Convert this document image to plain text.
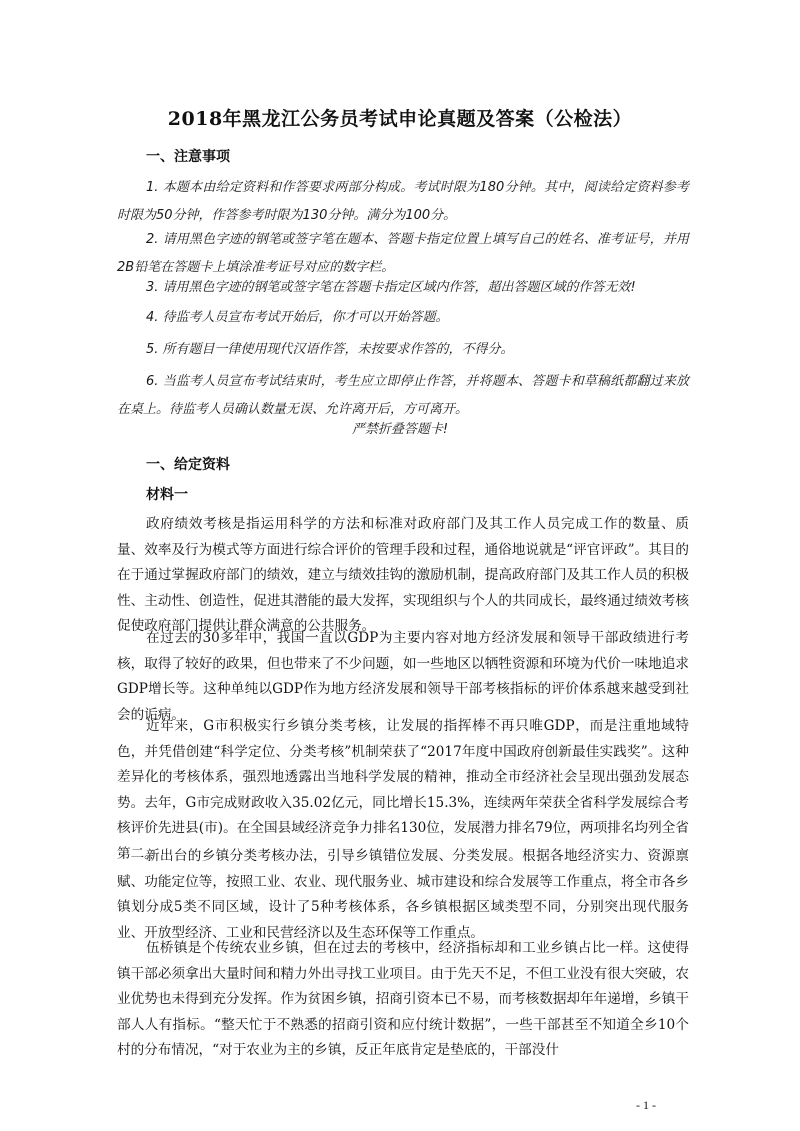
2018年黑龙江公务员考试申论真题及答案（公检法）
一、注意事项

1. 本题本由给定资料和作答要求两部分构成。考试时限为180分钟。其中，阅读给定资料参考时限为50分钟，作答参考时限为130分钟。满分为100分。

2. 请用黑色字迹的钢笔或签字笔在题本、答题卡指定位置上填写自己的姓名、准考证号，并用2B铅笔在答题卡上填涂准考证号对应的数字栏。

3. 请用黑色字迹的钢笔或签字笔在答题卡指定区域内作答，超出答题区域的作答无效!

4. 待监考人员宣布考试开始后，你才可以开始答题。

5. 所有题目一律使用现代汉语作答，未按要求作答的，不得分。

6. 当监考人员宣布考试结束时，考生应立即停止作答，并将题本、答题卡和草稿纸都翻过来放在桌上。待监考人员确认数量无误、允许离开后，方可离开。

严禁折叠答题卡!
一、给定资料
材料一

政府绩效考核是指运用科学的方法和标准对政府部门及其工作人员完成工作的数量、质量、效率及行为模式等方面进行综合评价的管理手段和过程，通俗地说就是“评官评政”。其目的在于通过掌握政府部门的绩效，建立与绩效挂钩的激励机制，提高政府部门及其工作人员的积极性、主动性、创造性，促进其潜能的最大发挥，实现组织与个人的共同成长，最终通过绩效考核促使政府部门提供让群众满意的公共服务。

在过去的30多年中，我国一直以GDP为主要内容对地方经济发展和领导干部政绩进行考核，取得了较好的政果，但也带来了不少问题，如一些地区以牺牲资源和环境为代价一味地追求GDP增长等。这种单纯以GDP作为地方经济发展和领导干部考核指标的评价体系越来越受到社会的诟病。

近年来，G市积极实行乡镇分类考核，让发展的指挥棒不再只唯GDP，而是注重地域特色，并凭借创建“科学定位、分类考核”机制荣获了“2017年度中国政府创新最佳实践奖”。这种差异化的考核体系，强烈地透露出当地科学发展的精神，推动全市经济社会呈现出强劲发展态势。去年，G市完成财政收入35.02亿元，同比增长15.3%，连续两年荣获全省科学发展综合考核评价先进县(市)。在全国县域经济竞争力排名130位，发展潜力排名79位，两项排名均列全省第二。

新出台的乡镇分类考核办法，引导乡镇错位发展、分类发展。根据各地经济实力、资源禀赋、功能定位等，按照工业、农业、现代服务业、城市建设和综合发展等工作重点，将全市各乡镇划分成5类不同区域，设计了5种考核体系，各乡镇根据区域类型不同，分别突出现代服务业、开放型经济、工业和民营经济以及生态环保等工作重点。

伍桥镇是个传统农业乡镇，但在过去的考核中，经济指标却和工业乡镇占比一样。这使得镇干部必须拿出大量时间和精力外出寻找工业项目。由于先天不足，不但工业没有很大突破，农业优势也未得到充分发挥。作为贫困乡镇，招商引资本已不易，而考核数据却年年递增，乡镇干部人人有指标。“整天忙于不熟悉的招商引资和应付统计数据”，一些干部甚至不知道全乡10个村的分布情况，“对于农业为主的乡镇，反正年底肯定是垫底的，干部没什

- 1 -
